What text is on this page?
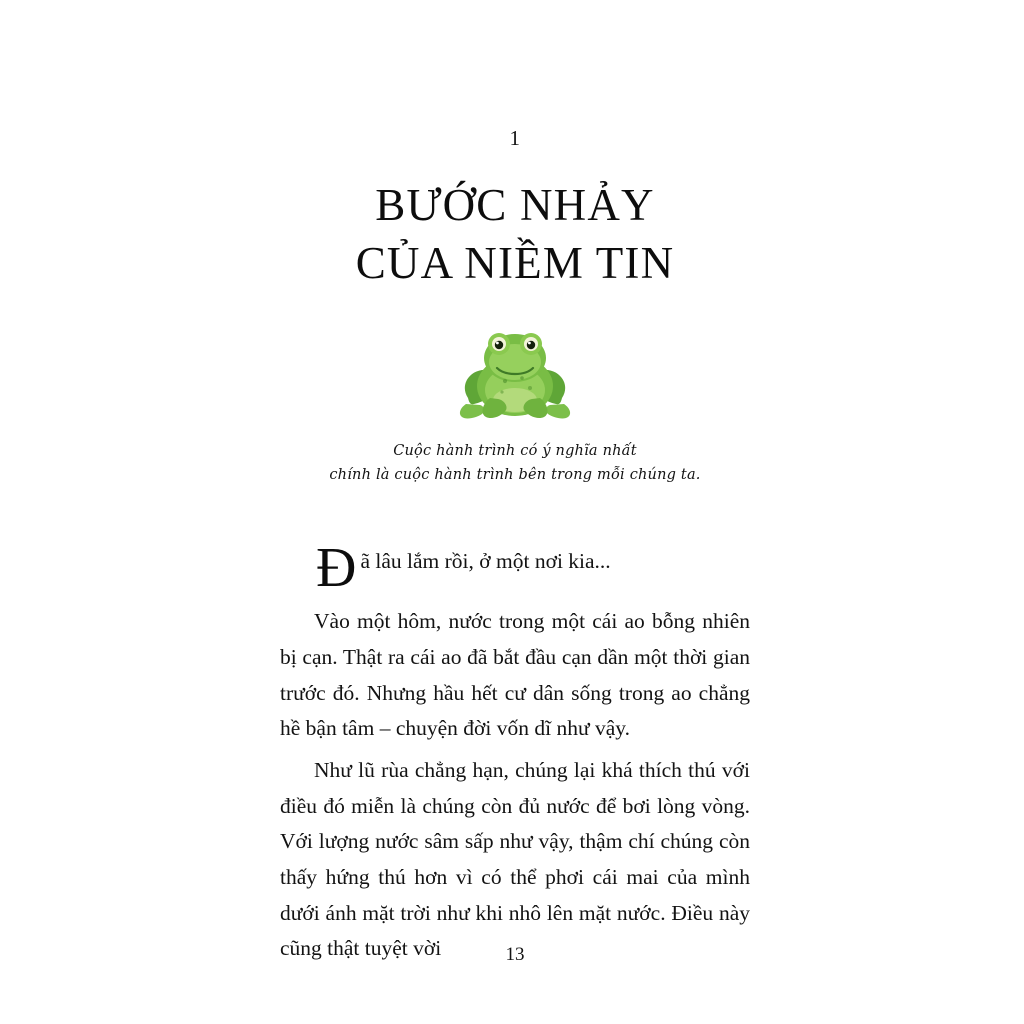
1
BƯỚC NHẢY
CỦA NIỀM TIN
Cuộc hành trình có ý nghĩa nhất
chính là cuộc hành trình bên trong mỗi chúng ta.

Đã lâu lắm rồi, ở một nơi kia...

Vào một hôm, nước trong một cái ao bỗng nhiên bị cạn. Thật ra cái ao đã bắt đầu cạn dần một thời gian trước đó. Nhưng hầu hết cư dân sống trong ao chẳng hề bận tâm – chuyện đời vốn dĩ như vậy.

Như lũ rùa chẳng hạn, chúng lại khá thích thú với điều đó miễn là chúng còn đủ nước để bơi lòng vòng. Với lượng nước sâm sấp như vậy, thậm chí chúng còn thấy hứng thú hơn vì có thể phơi cái mai của mình dưới ánh mặt trời như khi nhô lên mặt nước. Điều này cũng thật tuyệt vời	13
